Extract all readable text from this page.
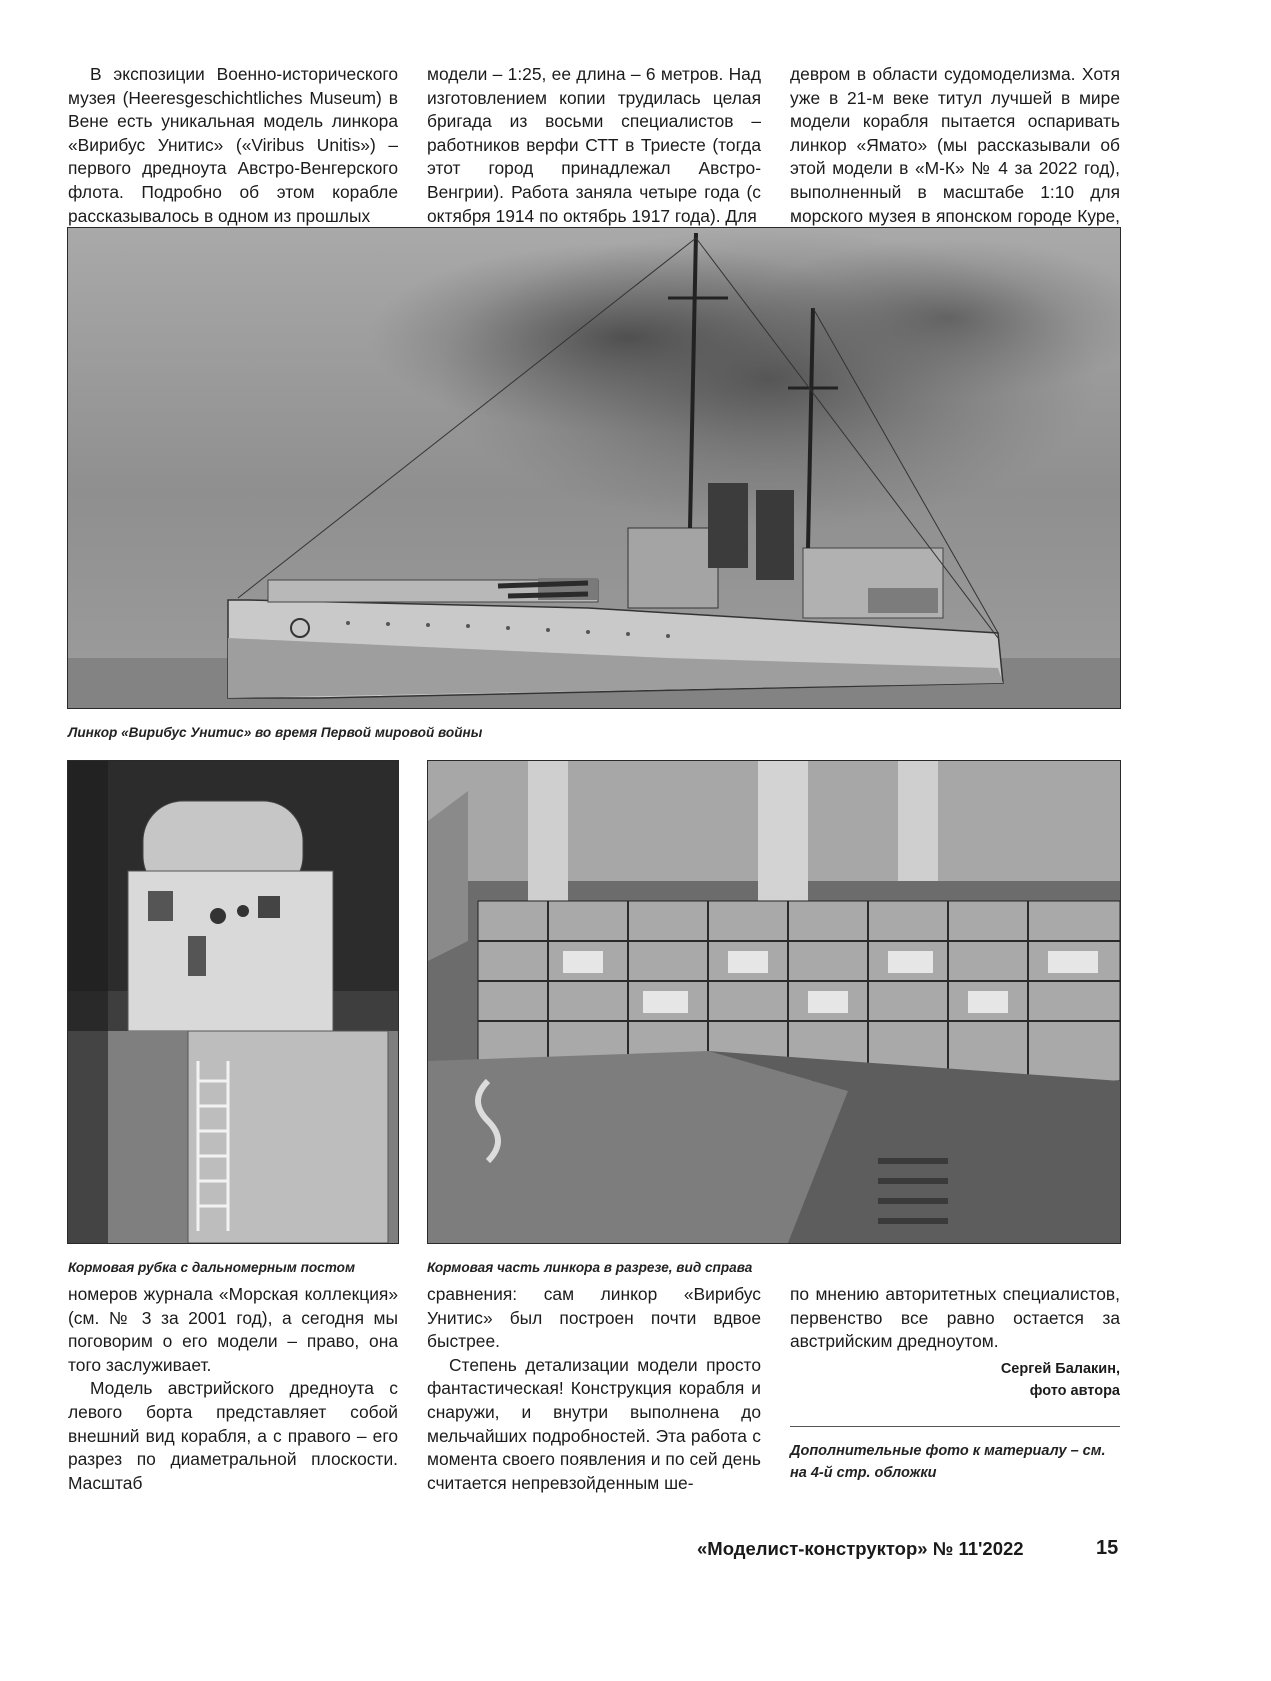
В экспозиции Военно-исторического музея (Heeresgeschichtliches Museum) в Вене есть уникальная модель линкора «Вирибус Унитис» («Viribus Unitis») – первого дредноута Австро-Венгерского флота. Подробно об этом корабле рассказывалось в одном из прошлых

модели – 1:25, ее длина – 6 метров. Над изготовлением копии трудилась целая бригада из восьми специалистов – работников верфи СТТ в Триесте (тогда этот город принадлежал Австро-Венгрии). Работа заняла четыре года (с октября 1914 по октябрь 1917 года). Для

девром в области судомоделизма. Хотя уже в 21-м веке титул лучшей в мире модели корабля пытается оспаривать линкор «Ямато» (мы рассказывали об этой модели в «М-К» № 4 за 2022 год), выполненный в масштабе 1:10 для морского музея в японском городе Куре,

Линкор «Вирибус Унитис» во время Первой мировой войны
Кормовая рубка с дальномерным постом	Кормовая часть линкора в разрезе, вид справа

номеров журнала «Морская коллекция» (см. № 3 за 2001 год), а сегодня мы поговорим о его модели – право, она того заслуживает.

Модель австрийского дредноута с левого борта представляет собой внешний вид корабля, а с правого – его разрез по диаметральной плоскости. Масштаб

сравнения: сам линкор «Вирибус Унитис» был построен почти вдвое быстрее.

Степень детализации модели просто фантастическая! Конструкция корабля и снаружи, и внутри выполнена до мельчайших подробностей. Эта работа с момента своего появления и по сей день считается непревзойденным ше-

по мнению авторитетных специалистов, первенство все равно остается за австрийским дредноутом.

Сергей Балакин,
фото автора
Дополнительные фото к материалу – см. на 4-й стр. обложки
«Моделист-конструктор» № 11'2022	15
